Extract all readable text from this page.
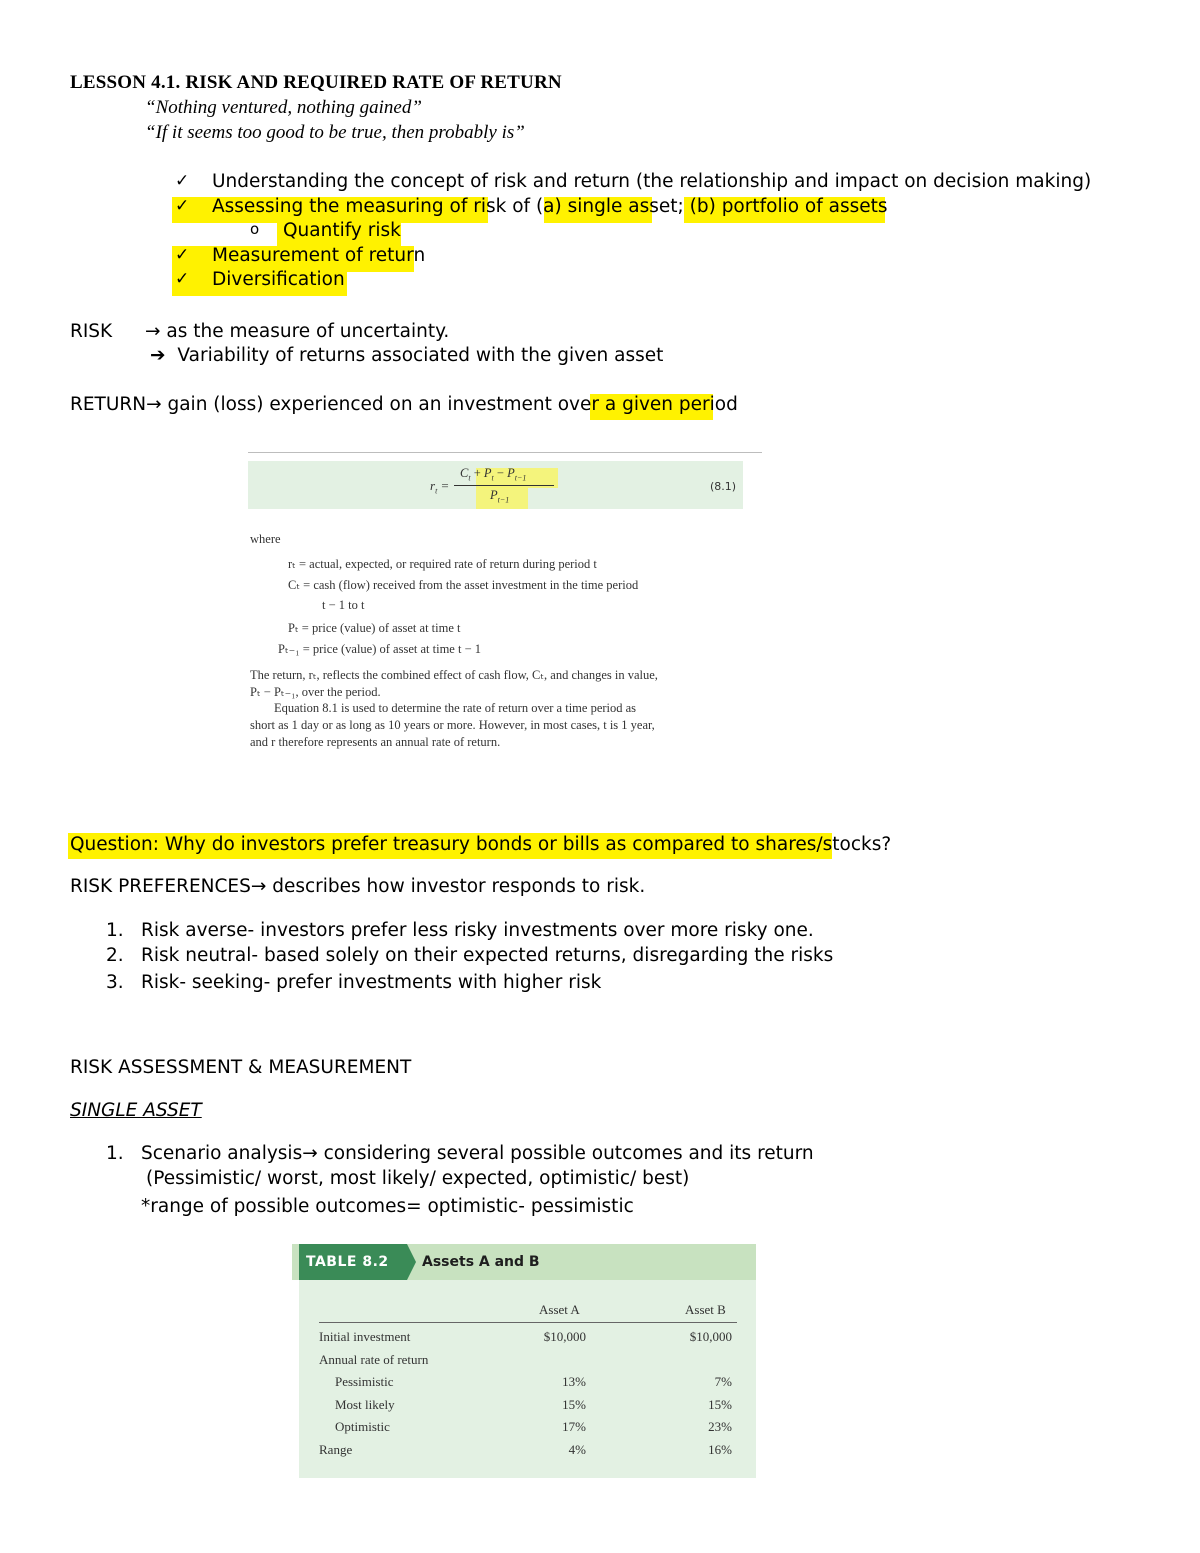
LESSON 4.1. RISK AND REQUIRED RATE OF RETURN
“Nothing ventured, nothing gained”
“If it seems too good to be true, then probably is”
✓ Understanding the concept of risk and return (the relationship and impact on decision making)
✓ Assessing the measuring of risk of (a) single asset; (b) portfolio of assets
o Quantify risk
✓ Measurement of return
✓ Diversification
RISK → as the measure of uncertainty.
➔ Variability of returns associated with the given asset
RETURN→ gain (loss) experienced on an investment over a given period
$r_t$ =
$C_t + P_t - P_{t-1}$
$P_{t-1}$
(8.1)
where
rₜ = actual, expected, or required rate of return during period t
Cₜ = cash (flow) received from the asset investment in the time period
t − 1 to t
Pₜ = price (value) of asset at time t
Pₜ₋₁ = price (value) of asset at time t − 1
The return, rₜ, reflects the combined effect of cash flow, Cₜ, and changes in value,
Pₜ − Pₜ₋₁, over the period.
Equation 8.1 is used to determine the rate of return over a time period as
short as 1 day or as long as 10 years or more. However, in most cases, t is 1 year,
and r therefore represents an annual rate of return.
Question: Why do investors prefer treasury bonds or bills as compared to shares/stocks?
RISK PREFERENCES→ describes how investor responds to risk.
1. Risk averse- investors prefer less risky investments over more risky one.
2. Risk neutral- based solely on their expected returns, disregarding the risks
3. Risk- seeking- prefer investments with higher risk
RISK ASSESSMENT & MEASUREMENT
SINGLE ASSET
1. Scenario analysis→ considering several possible outcomes and its return
(Pessimistic/ worst, most likely/ expected, optimistic/ best)
*range of possible outcomes= optimistic- pessimistic
TABLE 8.2	Assets A and B
Asset A	Asset B
Initial investment	$10,000	$10,000
Annual rate of return
Pessimistic	13%	7%
Most likely	15%	15%
Optimistic	17%	23%
Range	4%	16%
